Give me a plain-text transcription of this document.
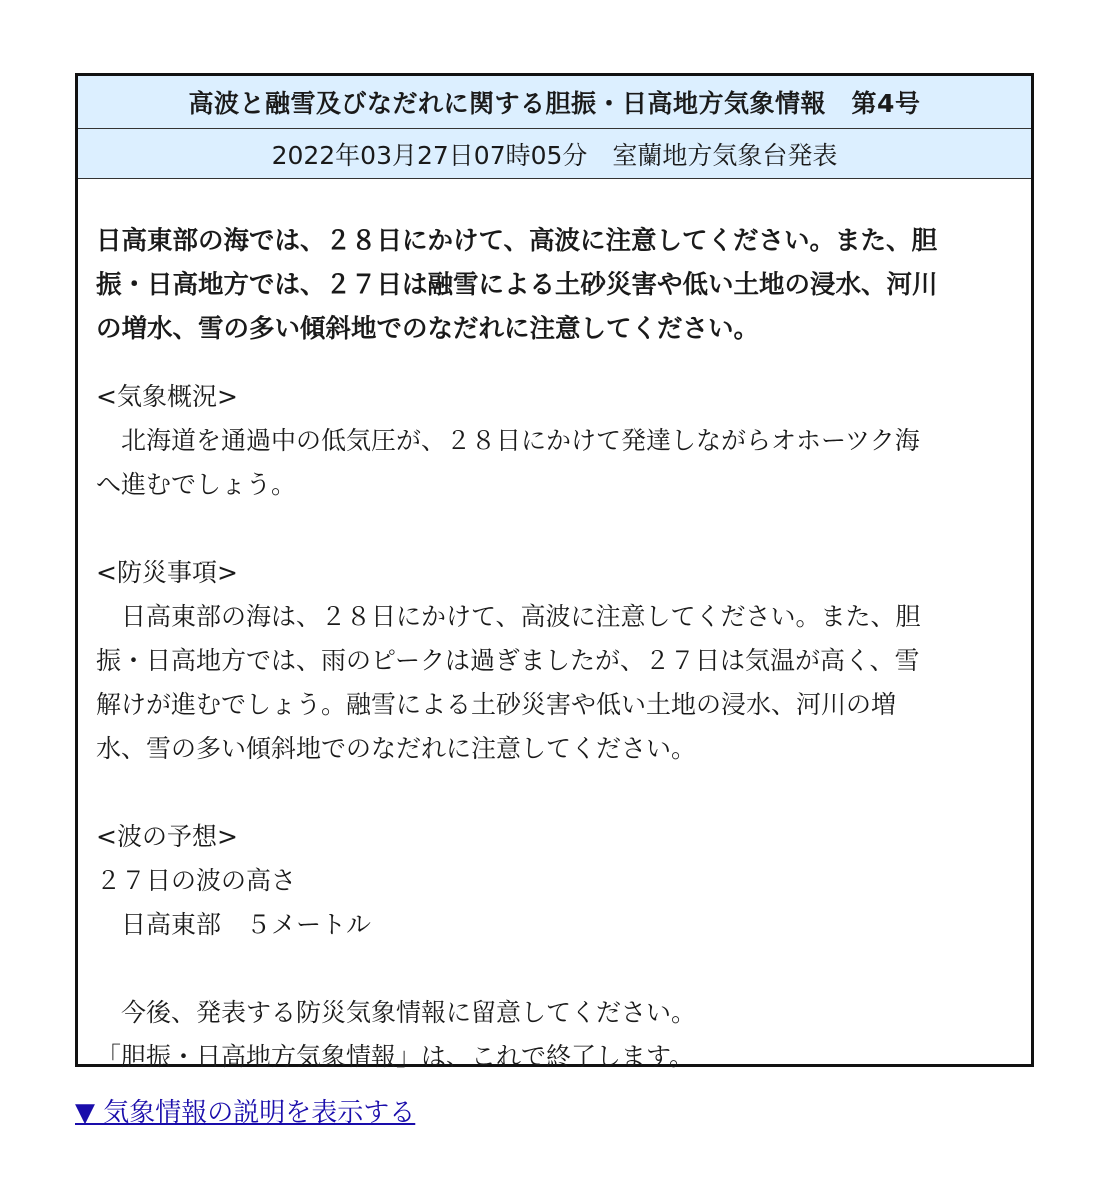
高波と融雪及びなだれに関する胆振・日高地方気象情報　第4号
2022年03月27日07時05分　室蘭地方気象台発表
日高東部の海では、２８日にかけて、高波に注意してください。また、胆
振・日高地方では、２７日は融雪による土砂災害や低い土地の浸水、河川
の増水、雪の多い傾斜地でのなだれに注意してください。
<気象概況>
　北海道を通過中の低気圧が、２８日にかけて発達しながらオホーツク海
へ進むでしょう。
<防災事項>
　日高東部の海は、２８日にかけて、高波に注意してください。また、胆
振・日高地方では、雨のピークは過ぎましたが、２７日は気温が高く、雪
解けが進むでしょう。融雪による土砂災害や低い土地の浸水、河川の増
水、雪の多い傾斜地でのなだれに注意してください。
<波の予想>
２７日の波の高さ
　日高東部　５メートル
　今後、発表する防災気象情報に留意してください。
「胆振・日高地方気象情報」は、これで終了します。
▼ 気象情報の説明を表示する
